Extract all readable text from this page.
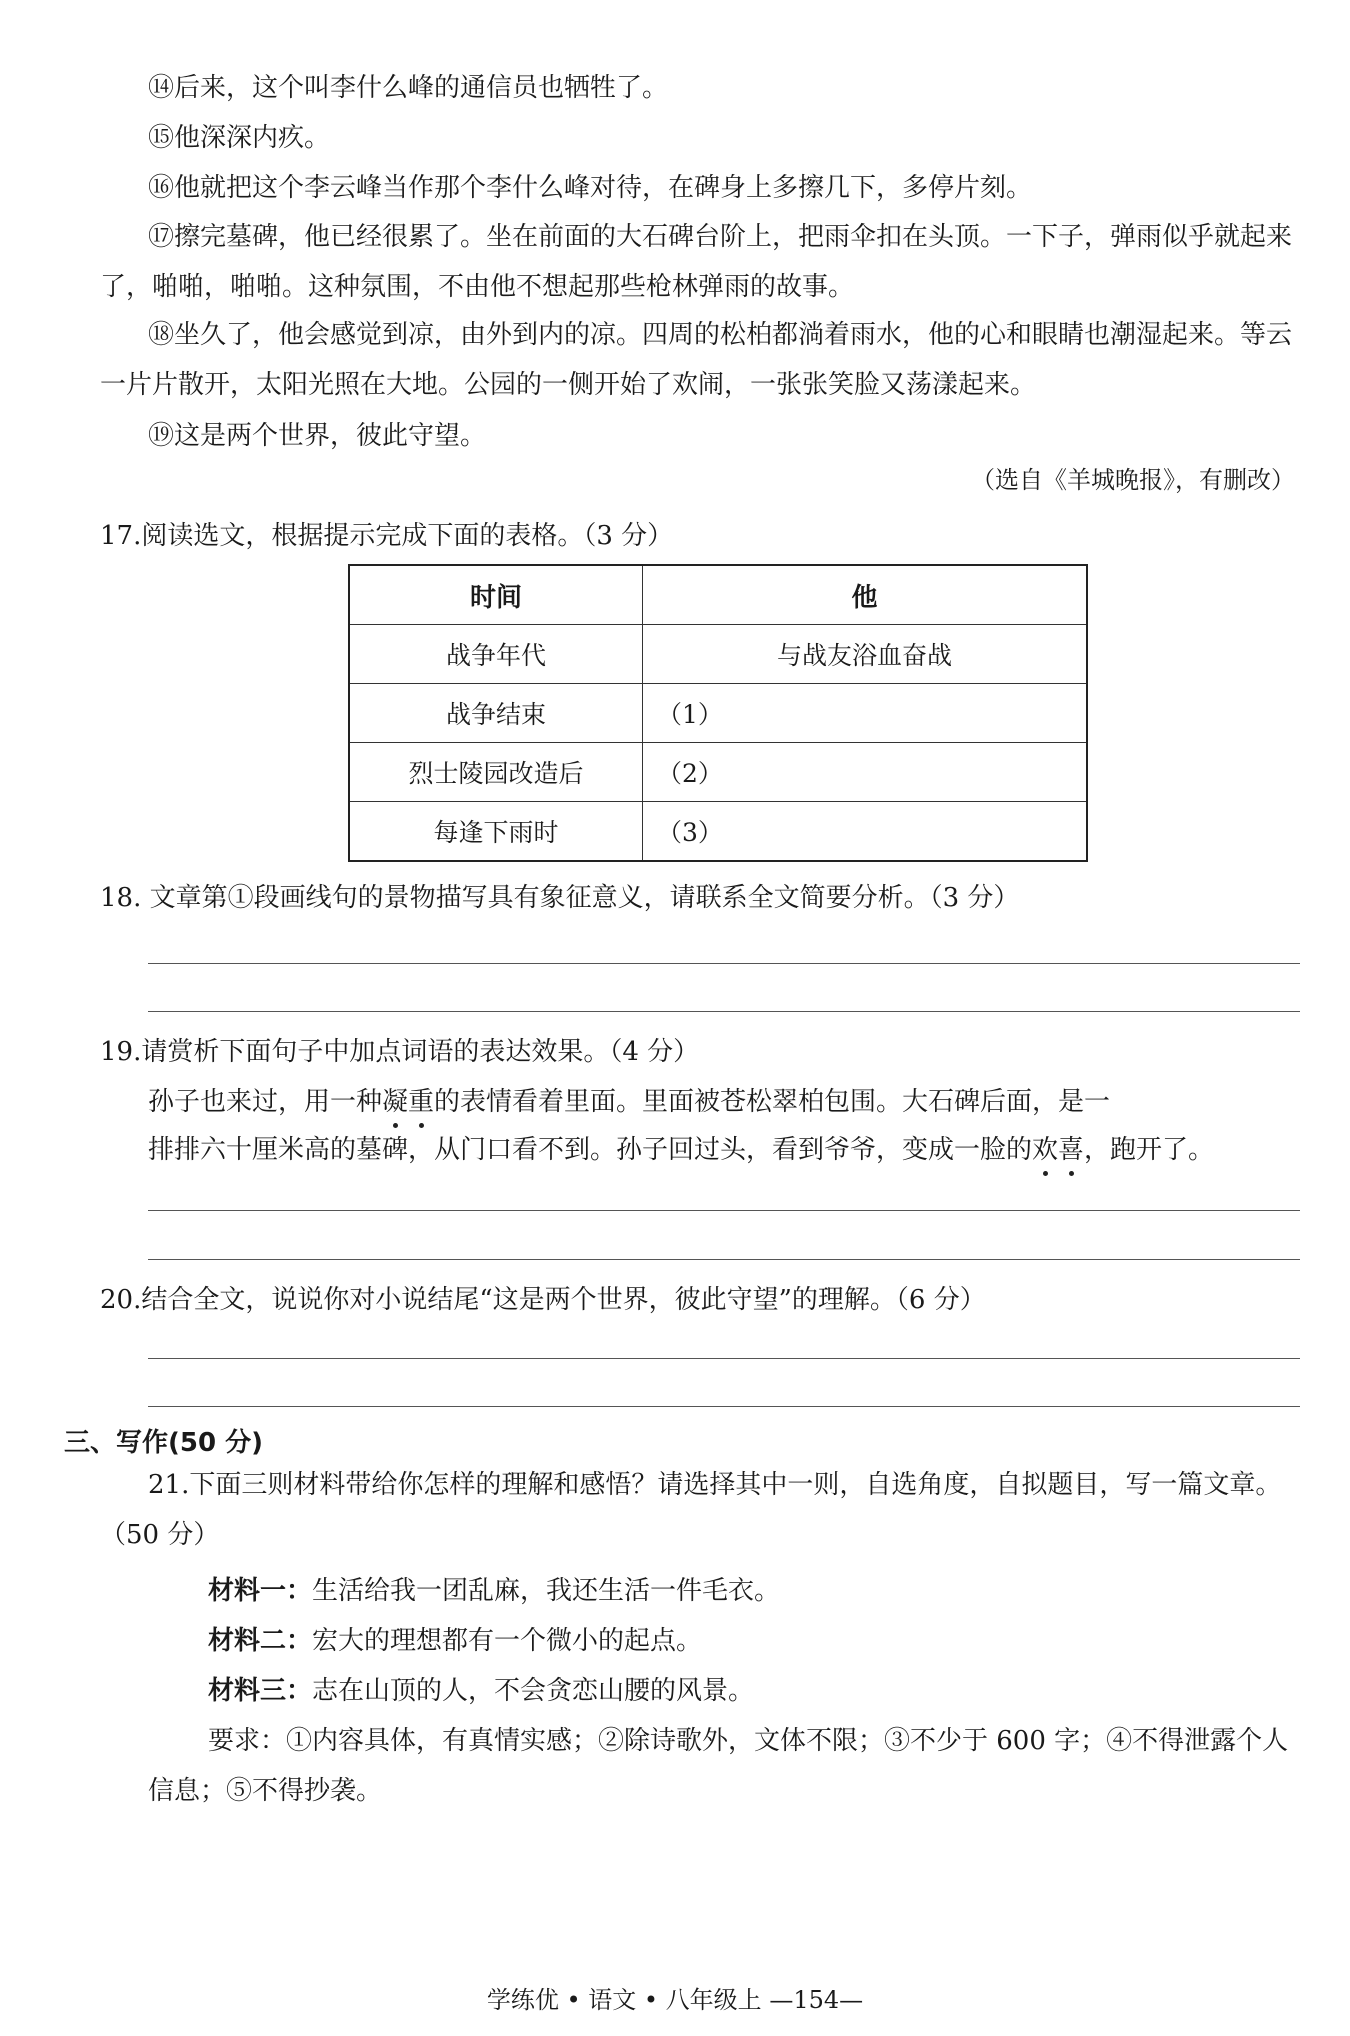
⑭后来，这个叫李什么峰的通信员也牺牲了。
⑮他深深内疚。
⑯他就把这个李云峰当作那个李什么峰对待，在碑身上多擦几下，多停片刻。
⑰擦完墓碑，他已经很累了。坐在前面的大石碑台阶上，把雨伞扣在头顶。一下子，弹雨似乎就起来了，啪啪，啪啪。这种氛围，不由他不想起那些枪林弹雨的故事。
⑱坐久了，他会感觉到凉，由外到内的凉。四周的松柏都淌着雨水，他的心和眼睛也潮湿起来。等云一片片散开，太阳光照在大地。公园的一侧开始了欢闹，一张张笑脸又荡漾起来。
⑲这是两个世界，彼此守望。
（选自《羊城晚报》，有删改）
17.阅读选文，根据提示完成下面的表格。（3 分）
时间	他
战争年代	与战友浴血奋战
战争结束	（1）
烈士陵园改造后	（2）
每逢下雨时	（3）
18. 文章第①段画线句的景物描写具有象征意义，请联系全文简要分析。（3 分）
19.请赏析下面句子中加点词语的表达效果。（4 分）
孙子也来过，用一种凝重的表情看着里面。里面被苍松翠柏包围。大石碑后面，是一
排排六十厘米高的墓碑，从门口看不到。孙子回过头，看到爷爷，变成一脸的欢喜，跑开了。
20.结合全文，说说你对小说结尾“这是两个世界，彼此守望”的理解。（6 分）
三、写作(50 分)
21.下面三则材料带给你怎样的理解和感悟？请选择其中一则，自选角度，自拟题目，写一篇文章。（50 分）
材料一：生活给我一团乱麻，我还生活一件毛衣。
材料二：宏大的理想都有一个微小的起点。
材料三：志在山顶的人，不会贪恋山腰的风景。
要求：①内容具体，有真情实感；②除诗歌外，文体不限；③不少于 600 字；④不得泄露个人信息；⑤不得抄袭。
学练优 • 语文 • 八年级上 —154—
